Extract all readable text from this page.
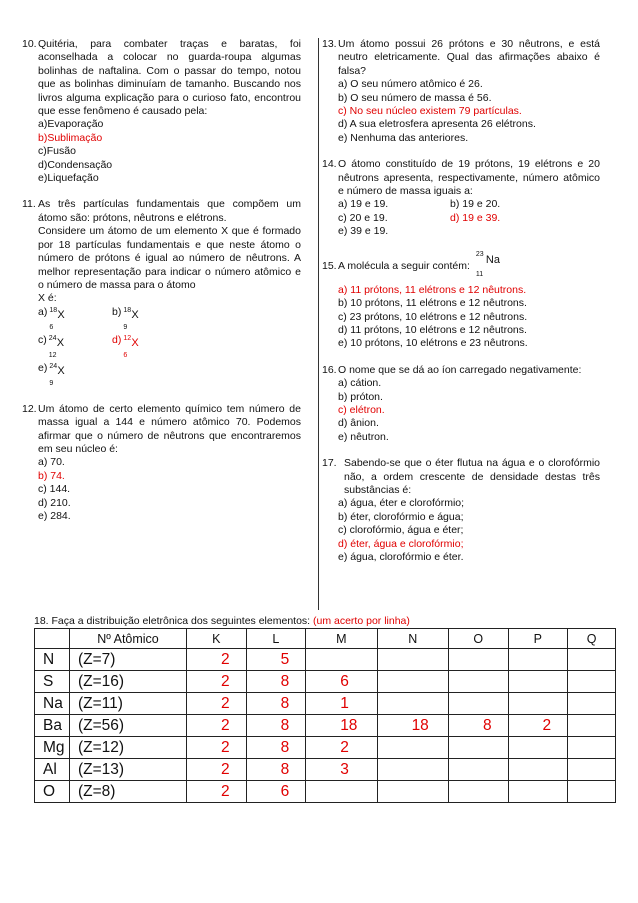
10. Quitéria, para combater traças e baratas, foi aconselhada a colocar no guarda-roupa algumas bolinhas de naftalina. Com o passar do tempo, notou que as bolinhas diminuíam de tamanho. Buscando nos livros alguma explicação para o curioso fato, encontrou que esse fenômeno é causado pela:
a)Evaporação
b)Sublimação
c)Fusão
d)Condensação
e)Liquefação
11. As três partículas fundamentais que compõem um átomo são: prótons, nêutrons e elétrons.
Considere um átomo de um elemento X que é formado por 18 partículas fundamentais e que neste átomo o número de prótons é igual ao número de nêutrons. A melhor representação para indicar o número atômico e o número de massa para o átomo
X é:
a) 18 X
6
b) 18 X
9
c) 24 X
12
d) 12 X
6
e) 24 X
9
12. Um átomo de certo elemento químico tem número de massa igual a 144 e número atômico 70. Podemos afirmar que o número de nêutrons que encontraremos em seu núcleo é:
a) 70.
b) 74.
c) 144.
d) 210.
e) 284.
13. Um átomo possui 26 prótons e 30 nêutrons, e está neutro eletricamente. Qual das afirmações abaixo é falsa?
a) O seu número atômico é 26.
b) O seu número de massa é 56.
c) No seu núcleo existem 79 partículas.
d) A sua eletrosfera apresenta 26 elétrons.
e) Nenhuma das anteriores.
14. O átomo constituído de 19 prótons, 19 elétrons e 20 nêutrons apresenta, respectivamente, número atômico e número de massa iguais a:
a) 19 e 19.	b) 19 e 20.
c) 20 e 19.	d) 19 e 39.
e) 39 e 19.
15. A molécula a seguir contém:
23 Na
11
a) 11 prótons, 11 elétrons e 12 nêutrons.
b) 10 prótons, 11 elétrons e 12 nêutrons.
c) 23 prótons, 10 elétrons e 12 nêutrons.
d) 11 prótons, 10 elétrons e 12 nêutrons.
e) 10 prótons, 10 elétrons e 23 nêutrons.
16. O nome que se dá ao íon carregado negativamente:
a) cátion.
b) próton.
c) elétron.
d) ânion.
e) nêutron.
17. Sabendo-se que o éter flutua na água e o clorofórmio não, a ordem crescente de densidade destas três substâncias é:
a) água, éter e clorofórmio;
b) éter, clorofórmio e água;
c) clorofórmio, água e éter;
d) éter, água e clorofórmio;
e) água, clorofórmio e éter.
18. Faça a distribuição eletrônica dos seguintes elementos: (um acerto por linha)
	Nº Atômico	K	L	M	N	O	P	Q
N	(Z=7)	2	5					
S	(Z=16)	2	8	6				
Na	(Z=11)	2	8	1				
Ba	(Z=56)	2	8	18	18	8	2	
Mg	(Z=12)	2	8	2				
Al	(Z=13)	2	8	3				
O	(Z=8)	2	6					
